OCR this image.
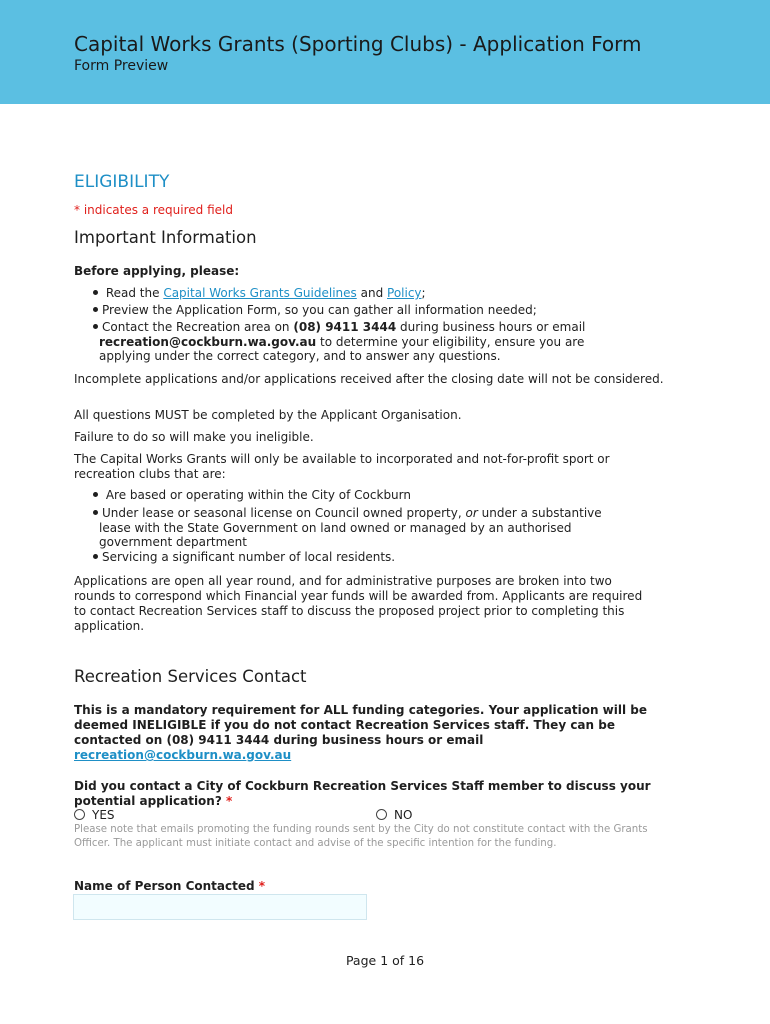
Capital Works Grants (Sporting Clubs) - Application Form
Form Preview
ELIGIBILITY
* indicates a required field
Important Information
Before applying, please:
Read the Capital Works Grants Guidelines and Policy;
Preview the Application Form, so you can gather all information needed;
Contact the Recreation area on (08) 9411 3444 during business hours or email
recreation@cockburn.wa.gov.au to determine your eligibility, ensure you are
applying under the correct category, and to answer any questions.
Incomplete applications and/or applications received after the closing date will not be considered.
All questions MUST be completed by the Applicant Organisation.
Failure to do so will make you ineligible.
The Capital Works Grants will only be available to incorporated and not-for-profit sport or recreation clubs that are:
Are based or operating within the City of Cockburn
Under lease or seasonal license on Council owned property, or under a substantive
lease with the State Government on land owned or managed by an authorised
government department
Servicing a significant number of local residents.
Applications are open all year round, and for administrative purposes are broken into two rounds to correspond which Financial year funds will be awarded from. Applicants are required to contact Recreation Services staff to discuss the proposed project prior to completing this application.
Recreation Services Contact
This is a mandatory requirement for ALL funding categories. Your application will be deemed INELIGIBLE if you do not contact Recreation Services staff. They can be contacted on (08) 9411 3444 during business hours or email recreation@cockburn.wa.gov.au
Did you contact a City of Cockburn Recreation Services Staff member to discuss your potential application? *
YES	NO
Please note that emails promoting the funding rounds sent by the City do not constitute contact with the Grants Officer. The applicant must initiate contact and advise of the specific intention for the funding.
Name of Person Contacted *
Page 1 of 16
